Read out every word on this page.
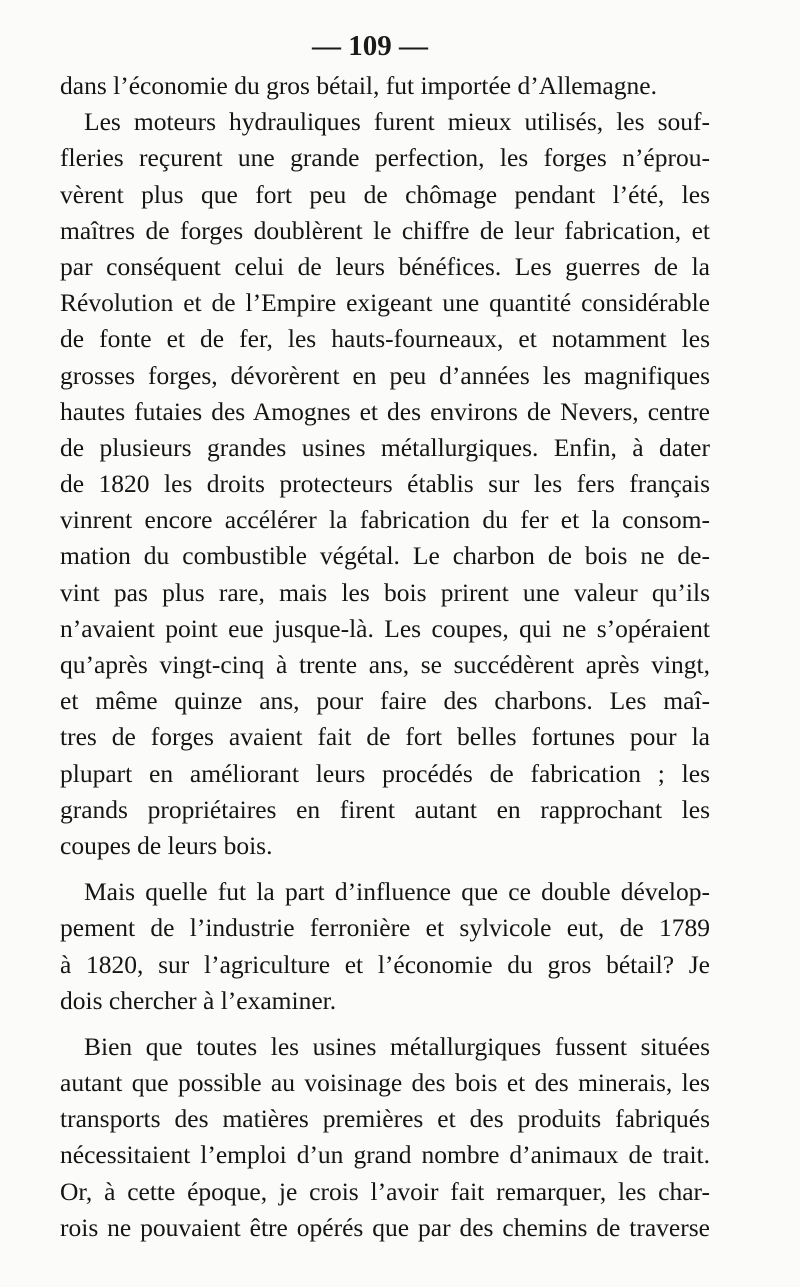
— 109 —
dans l’économie du gros bétail, fut importée d’Allemagne.
Les moteurs hydrauliques furent mieux utilisés, les souf-
fleries reçurent une grande perfection, les forges n’éprou-
vèrent plus que fort peu de chômage pendant l’été, les
maîtres de forges doublèrent le chiffre de leur fabrication, et
par conséquent celui de leurs bénéfices. Les guerres de la
Révolution et de l’Empire exigeant une quantité considérable
de fonte et de fer, les hauts-fourneaux, et notamment les
grosses forges, dévorèrent en peu d’années les magnifiques
hautes futaies des Amognes et des environs de Nevers, centre
de plusieurs grandes usines métallurgiques. Enfin, à dater
de 1820 les droits protecteurs établis sur les fers français
vinrent encore accélérer la fabrication du fer et la consom-
mation du combustible végétal. Le charbon de bois ne de-
vint pas plus rare, mais les bois prirent une valeur qu’ils
n’avaient point eue jusque-là. Les coupes, qui ne s’opéraient
qu’après vingt-cinq à trente ans, se succédèrent après vingt,
et même quinze ans, pour faire des charbons. Les maî-
tres de forges avaient fait de fort belles fortunes pour la
plupart en améliorant leurs procédés de fabrication ; les
grands propriétaires en firent autant en rapprochant les
coupes de leurs bois.
Mais quelle fut la part d’influence que ce double dévelop-
pement de l’industrie ferronière et sylvicole eut, de 1789
à 1820, sur l’agriculture et l’économie du gros bétail? Je
dois chercher à l’examiner.
Bien que toutes les usines métallurgiques fussent situées
autant que possible au voisinage des bois et des minerais, les
transports des matières premières et des produits fabriqués
nécessitaient l’emploi d’un grand nombre d’animaux de trait.
Or, à cette époque, je crois l’avoir fait remarquer, les char-
rois ne pouvaient être opérés que par des chemins de traverse
